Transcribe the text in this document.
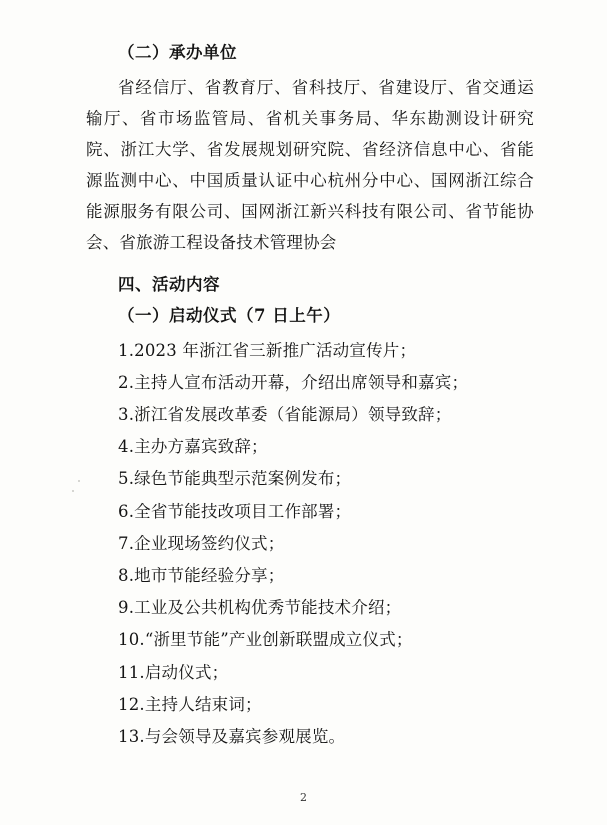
（二）承办单位

省经信厅、省教育厅、省科技厅、省建设厅、省交通运输厅、省市场监管局、省机关事务局、华东勘测设计研究院、浙江大学、省发展规划研究院、省经济信息中心、省能源监测中心、中国质量认证中心杭州分中心、国网浙江综合能源服务有限公司、国网浙江新兴科技有限公司、省节能协会、省旅游工程设备技术管理协会

四、活动内容
（一）启动仪式（7 日上午）
1.2023 年浙江省三新推广活动宣传片；
2.主持人宣布活动开幕，介绍出席领导和嘉宾；
3.浙江省发展改革委（省能源局）领导致辞；
4.主办方嘉宾致辞；
5.绿色节能典型示范案例发布；
6.全省节能技改项目工作部署；
7.企业现场签约仪式；
8.地市节能经验分享；
9.工业及公共机构优秀节能技术介绍；
10.“浙里节能”产业创新联盟成立仪式；
11.启动仪式；
12.主持人结束词；
13.与会领导及嘉宾参观展览。
2
